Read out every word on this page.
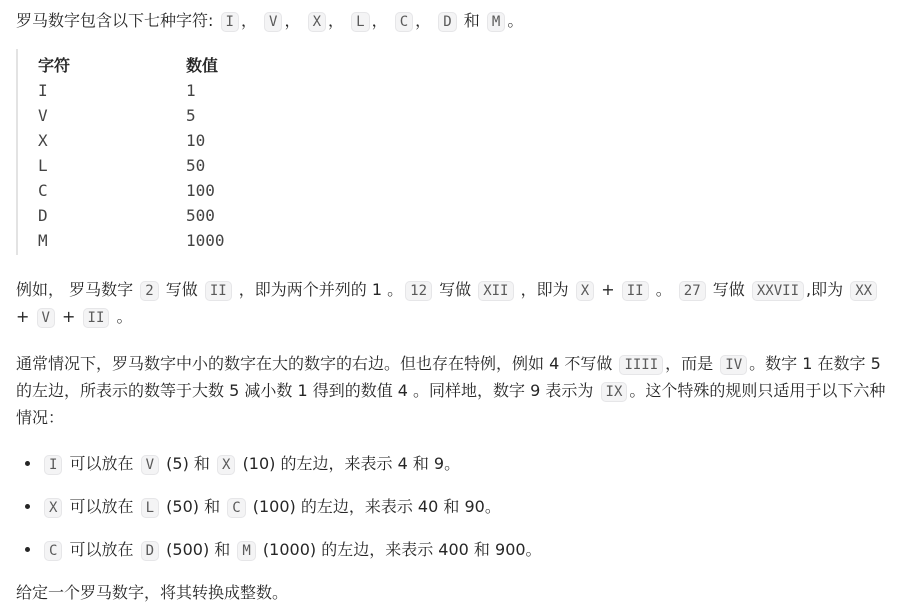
罗马数字包含以下七种字符: I ， V ， X ， L ， C ， D 和 M 。

字符	数值
I	1
V	5
X	10
L	50
C	100
D	500
M	1000

例如， 罗马数字 2 写做 II ，即为两个并列的 1 。 12 写做 XII ，即为 X + II 。 27 写做 XXVII ,即为 XX + V + II 。

通常情况下，罗马数字中小的数字在大的数字的右边。但也存在特例，例如 4 不写做 IIII ，而是 IV 。数字 1 在数字 5 的左边，所表示的数等于大数 5 减小数 1 得到的数值 4 。同样地，数字 9 表示为 IX 。这个特殊的规则只适用于以下六种情况：

• I 可以放在 V (5) 和 X (10) 的左边，来表示 4 和 9。
• X 可以放在 L (50) 和 C (100) 的左边，来表示 40 和 90。
• C 可以放在 D (500) 和 M (1000) 的左边，来表示 400 和 900。

给定一个罗马数字，将其转换成整数。
